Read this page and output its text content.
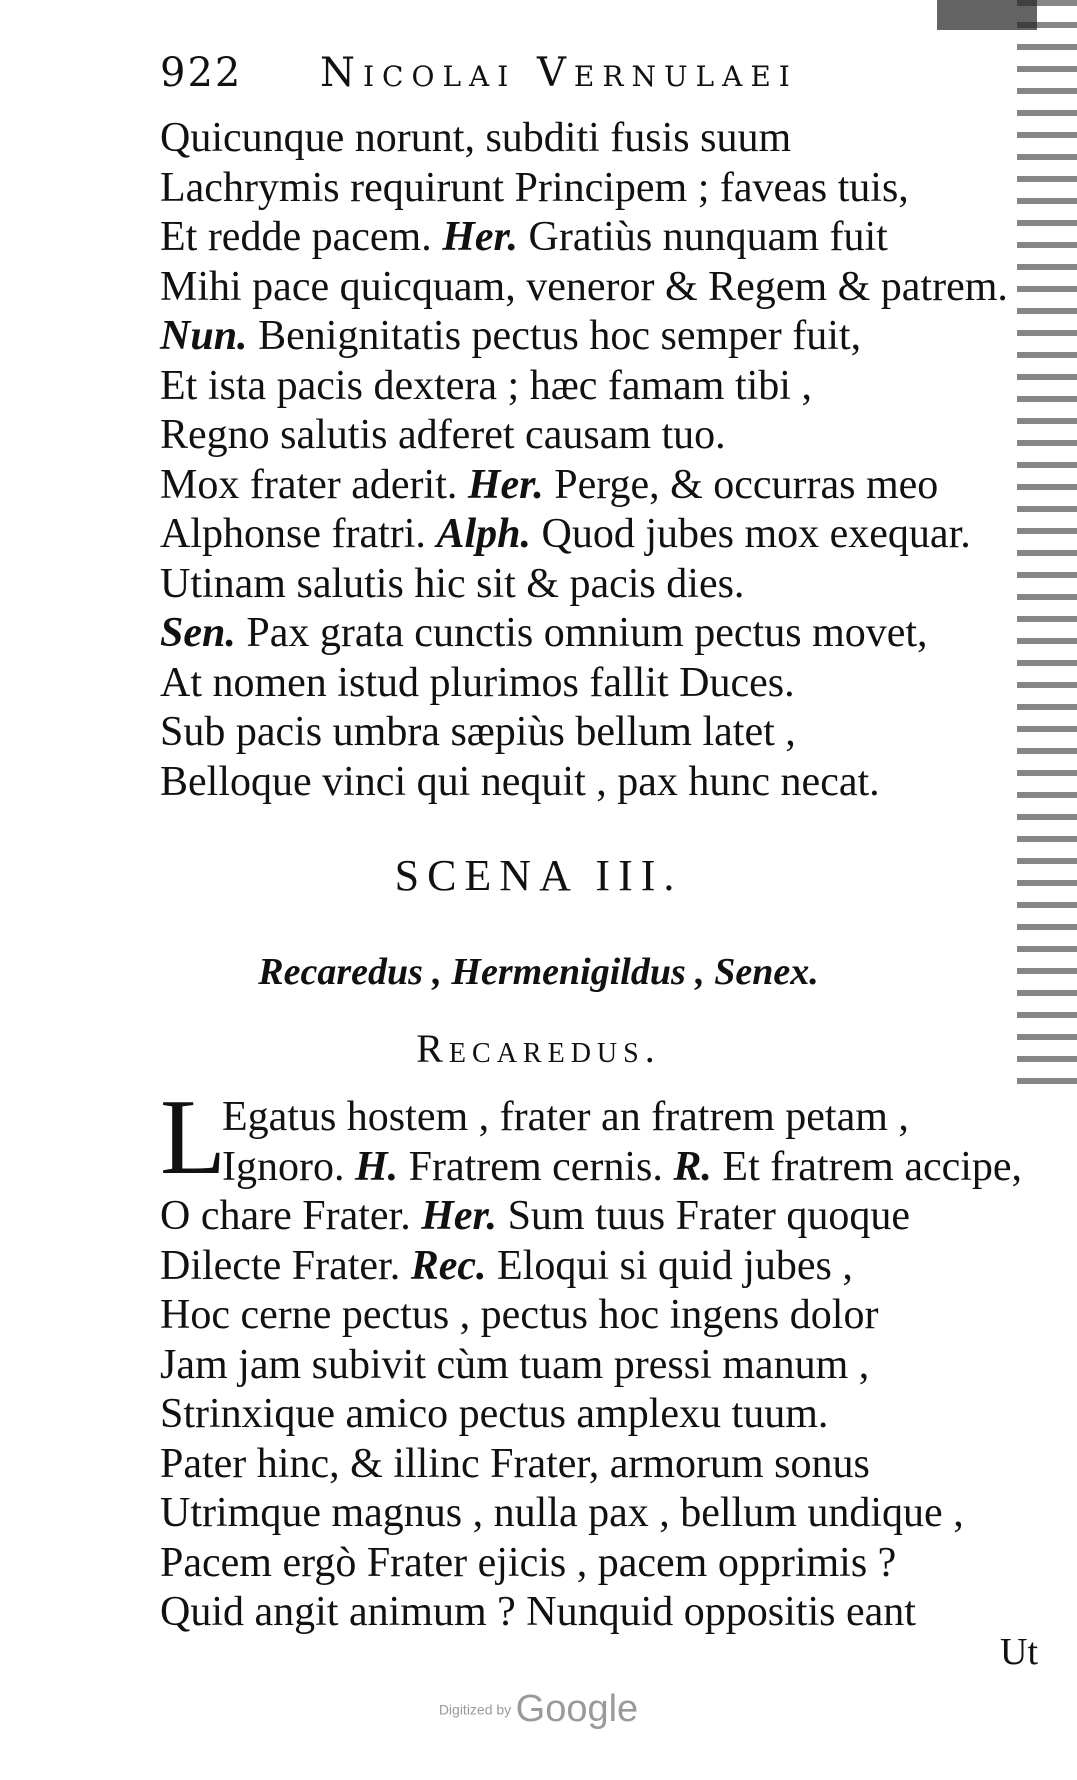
922 Nicolai Vernulaei
Quicunque norunt, subditi fusis suum
Lachrymis requirunt Principem ; faveas tuis,
Et redde pacem. Her. Gratiùs nunquam fuit
Mihi pace quicquam, veneror & Regem & patrem.
Nun. Benignitatis pectus hoc semper fuit,
Et ista pacis dextera ; hæc famam tibi ,
Regno salutis adferet causam tuo.
Mox frater aderit. Her. Perge, & occurras meo
Alphonse fratri. Alph. Quod jubes mox exequar.
Utinam salutis hic sit & pacis dies.
Sen. Pax grata cunctis omnium pectus movet,
At nomen istud plurimos fallit Duces.
Sub pacis umbra sæpiùs bellum latet ,
Belloque vinci qui nequit , pax hunc necat.
SCENA III.
Recaredus , Hermenigildus , Senex.
Recaredus.
L
Egatus hostem , frater an fratrem petam ,
Ignoro. H. Fratrem cernis. R. Et fratrem accipe,
O chare Frater. Her. Sum tuus Frater quoque
Dilecte Frater. Rec. Eloqui si quid jubes ,
Hoc cerne pectus , pectus hoc ingens dolor
Jam jam subivit cùm tuam pressi manum ,
Strinxique amico pectus amplexu tuum.
Pater hinc, & illinc Frater, armorum sonus
Utrimque magnus , nulla pax , bellum undique ,
Pacem ergò Frater ejicis , pacem opprimis ?
Quid angit animum ? Nunquid oppositis eant
Ut
Digitized by Google
